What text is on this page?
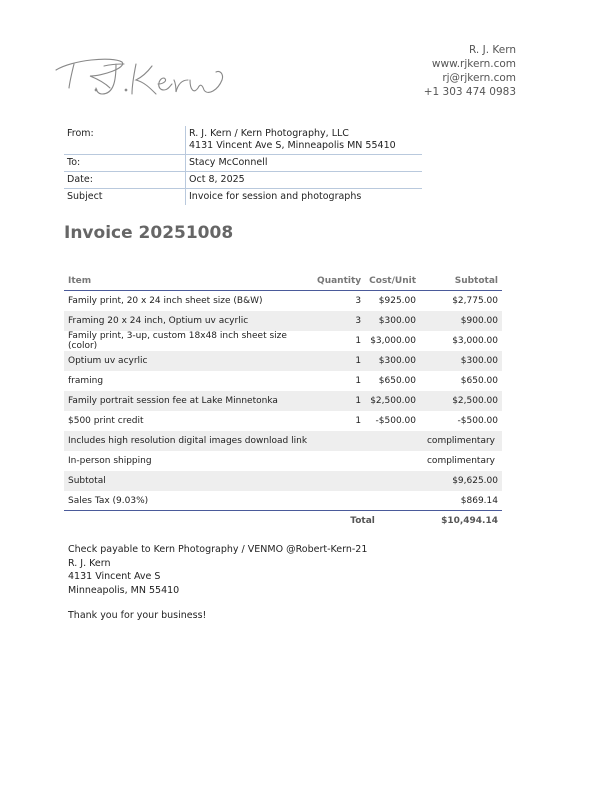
R. J. Kern
www.rjkern.com
rj@rjkern.com
+1 303 474 0983
From:	R. J. Kern / Kern Photography, LLC
4131 Vincent Ave S, Minneapolis MN 55410

To:	Stacy McConnell
Date:	Oct 8, 2025
Subject	Invoice for session and photographs
Invoice 20251008
Item	Quantity	Cost/Unit	Subtotal
Family print, 20 x 24 inch sheet size (B&W)	3	$925.00	$2,775.00
Framing 20 x 24 inch, Optium uv acyrlic	3	$300.00	$900.00
Family print, 3-up, custom 18x48 inch sheet size (color)	1	$3,000.00	$3,000.00
Optium uv acyrlic	1	$300.00	$300.00
framing	1	$650.00	$650.00
Family portrait session fee at Lake Minnetonka	1	$2,500.00	$2,500.00
$500 print credit	1	-$500.00	-$500.00
Includes high resolution digital images download link			complimentary
In-person shipping			complimentary
Subtotal			$9,625.00
Sales Tax (9.03%)			$869.14
	Total		$10,494.14
Check payable to Kern Photography / VENMO @Robert-Kern-21
R. J. Kern
4131 Vincent Ave S
Minneapolis, MN 55410
Thank you for your business!
